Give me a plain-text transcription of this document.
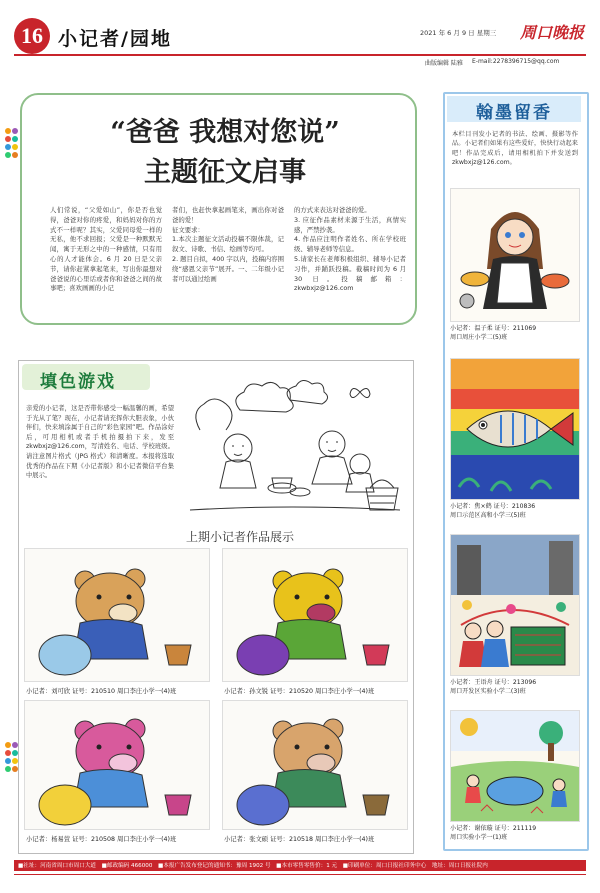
16 小记者/园地	2021 年 6 月 9 日 星期三 周口晚报
曲版编辑 陆雅 E-mail:2278396715@qq.com
“爸爸 我想对您说”
主题征文启事
人们常说，“父爱如山”，你是否也觉得，爸爸对你的疼爱，和妈妈对你的方式不一样呢？其实，父爱同母爱一样的无私，他不求回报；父爱是一种默默无闻，寓于无形之中的一种感情，只有用心的人才能体会。6 月 20 日是父亲节，请你赶紧拿起笔来，写出你最想对爸爸说的心里话或者你和爸爸之间的故事吧；喜欢画画的小记
者们，也赶快拿起画笔来，画出你对爸爸的爱！
征文要求：
1.本次主题征文活动投稿不限体裁，记叙文、诗歌、书信、绘画等均可。
2. 题目自拟，400 字以内，投稿内容围绕“感恩父亲节”展开。一、二年级小记者可以通过绘画
的方式来表达对爸爸的爱。
3. 应征作品素材来源于生活，真情实感，严禁抄袭。
4. 作品应注明作者姓名、所在学校班级、辅导老师等信息。
5.请家长在老师积极组织、辅导小记者习作，并踊跃投稿。截稿时间为 6 月 30 日。投稿邮箱：zkwbxjz@126.com
填色游戏
亲爱的小记者，这是否带你感受一幅温馨的画，希望于光从了笔？现在，小记者请充挥你大胆表象，小伙伴们，快来填涂属于自己的“彩色家园”吧。作品涂好后，可用相机或者手机拍摄拍下来，发至 zkwbxjz@126.com，写清姓名、电话、学校班级。请注意图片格式（JPG 格式）和清晰度。本报将选取优秀的作品在下期《小记者版》和小记者微信平台集中展示。
上期小记者作品展示
小记者：刘可欣 证号：210510 周口李庄小学一(4)班	小记者：孙文锐 证号：210520 周口李庄小学一(4)班
小记者：杨易萱 证号：210508 周口李庄小学一(4)班	小记者：张文硕 证号：210518 周口李庄小学一(4)班
翰墨留香
本栏目刊发小记者的书法、绘画、摄影等作品。小记者们如果有这些爱好，快快行动起来吧！作品完成后，请用相机拍下并发送到 zkwbxjz@126.com。
小记者：温子柔 证号：211069
周口周庄小学二(5)班
小记者：焦×鹤 证号：210836
周口示范区高和小学三(5)班
小记者：王语舟 证号：213096
周口开发区实验小学二(3)班
小记者：谢依璇 证号：211119
周口实验小学一(1)班
■社址：河南省周口市周口大道　■邮政编码 466000　■本报广告发布登记的通知书：豫周 1902 号　■本市零售零售价：1 元　■印刷单位：周口日报社印务中心　地址：周口日报社院内
